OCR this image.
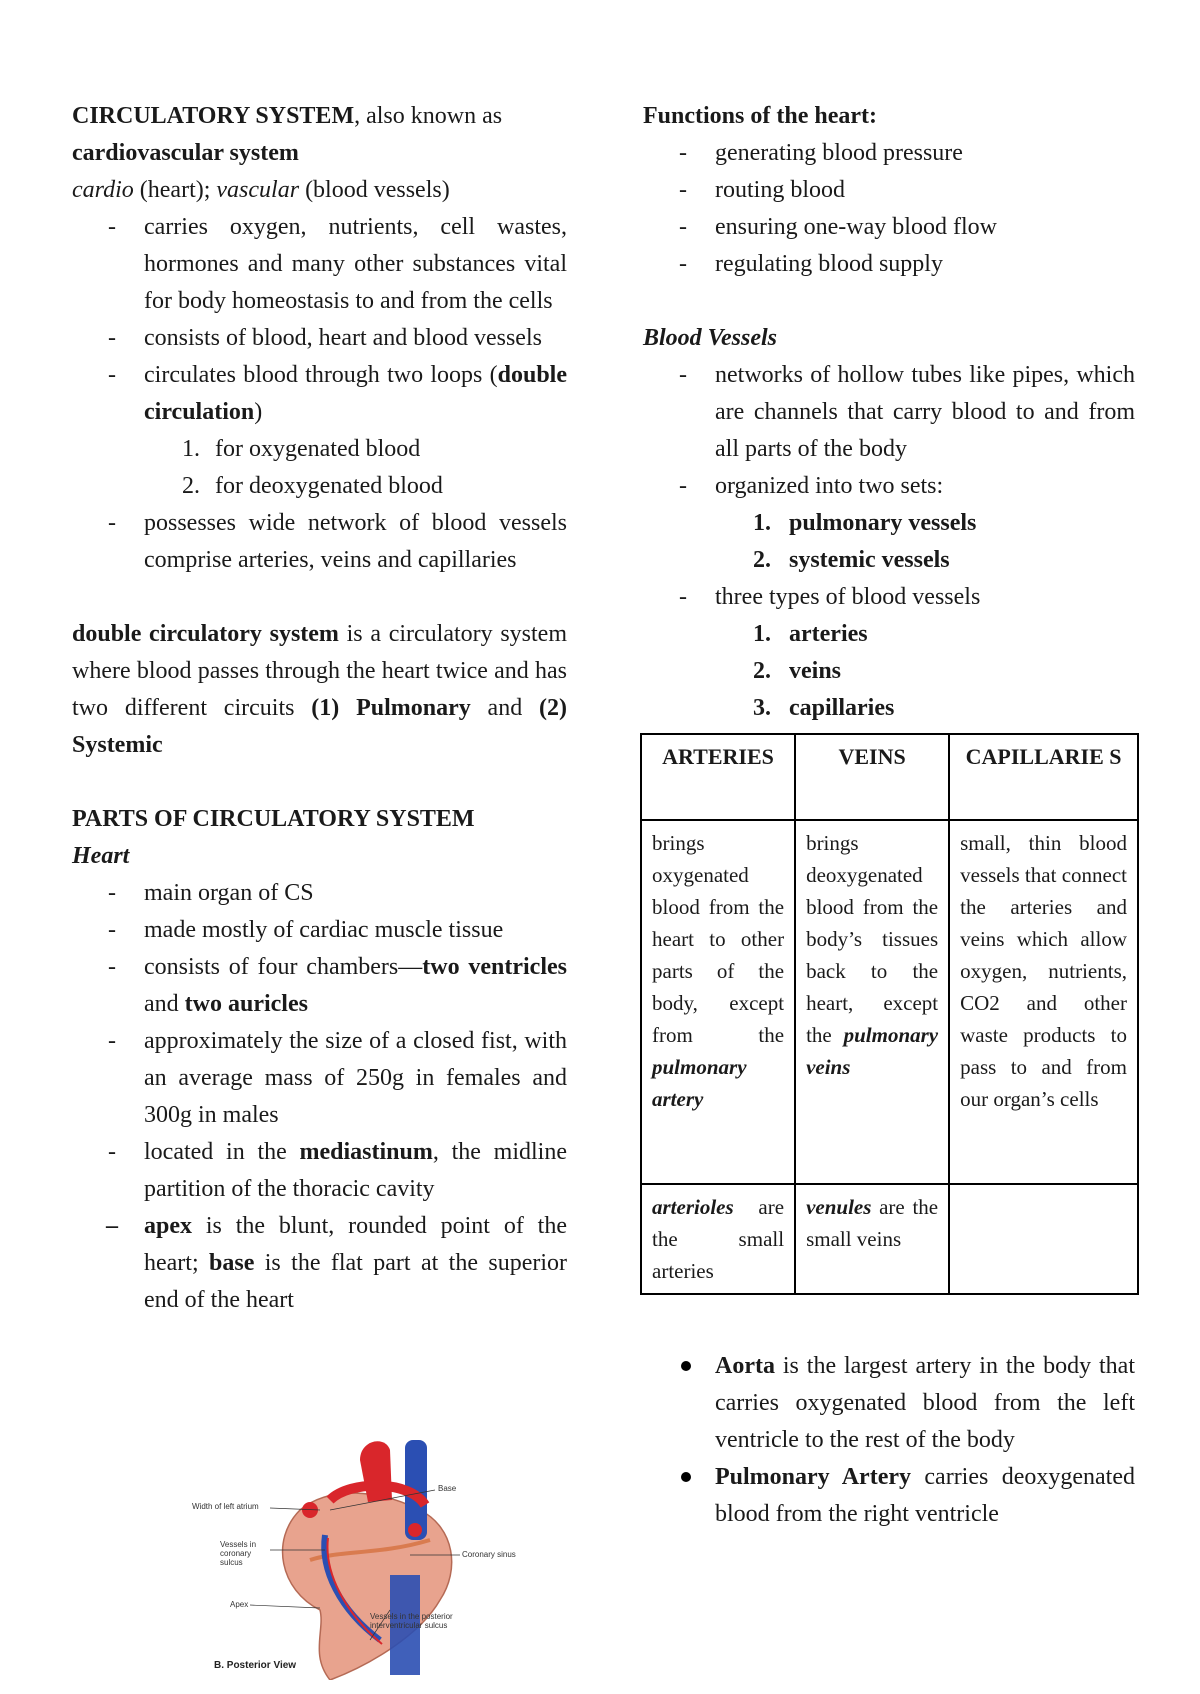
CIRCULATORY SYSTEM, also known as

cardiovascular system

cardio (heart); vascular (blood vessels)

- carries oxygen, nutrients, cell wastes, hormones and many other substances vital for body homeostasis to and from the cells
- consists of blood, heart and blood vessels
- circulates blood through two loops (double circulation)
1. for oxygenated blood
2. for deoxygenated blood
- possesses wide network of blood vessels comprise arteries, veins and capillaries

double circulatory system is a circulatory system where blood passes through the heart twice and has two different circuits (1) Pulmonary and (2) Systemic

PARTS OF CIRCULATORY SYSTEM

Heart

- main organ of CS
- made mostly of cardiac muscle tissue
- consists of four chambers—two ventricles and two auricles
- approximately the size of a closed fist, with an average mass of 250g in females and 300g in males
- located in the mediastinum, the midline partition of the thoracic cavity
– apex is the blunt, rounded point of the heart; base is the flat part at the superior end of the heart
Base
Width of left atrium
Vessels in coronary sulcus
Coronary sinus
Apex
Vessels in the posterior interventricular sulcus
B. Posterior View

Functions of the heart:

- generating blood pressure
- routing blood
- ensuring one-way blood flow
- regulating blood supply

Blood Vessels

- networks of hollow tubes like pipes, which are channels that carry blood to and from all parts of the body
- organized into two sets:
1. pulmonary vessels
2. systemic vessels
- three types of blood vessels
1. arteries
2. veins
3. capillaries
ARTERIES	VEINS	CAPILLARIE S
brings oxygenated blood from the heart to other parts of the body, except from the pulmonary artery	brings deoxygenated blood from the body’s tissues back to the heart, except the pulmonary veins	small, thin blood vessels that connect the arteries and veins which allow oxygen, nutrients, CO2 and other waste products to pass to and from our organ’s cells
arterioles are the small arteries	venules are the small veins	
Aorta is the largest artery in the body that carries oxygenated blood from the left ventricle to the rest of the body
Pulmonary Artery carries deoxygenated blood from the right ventricle
